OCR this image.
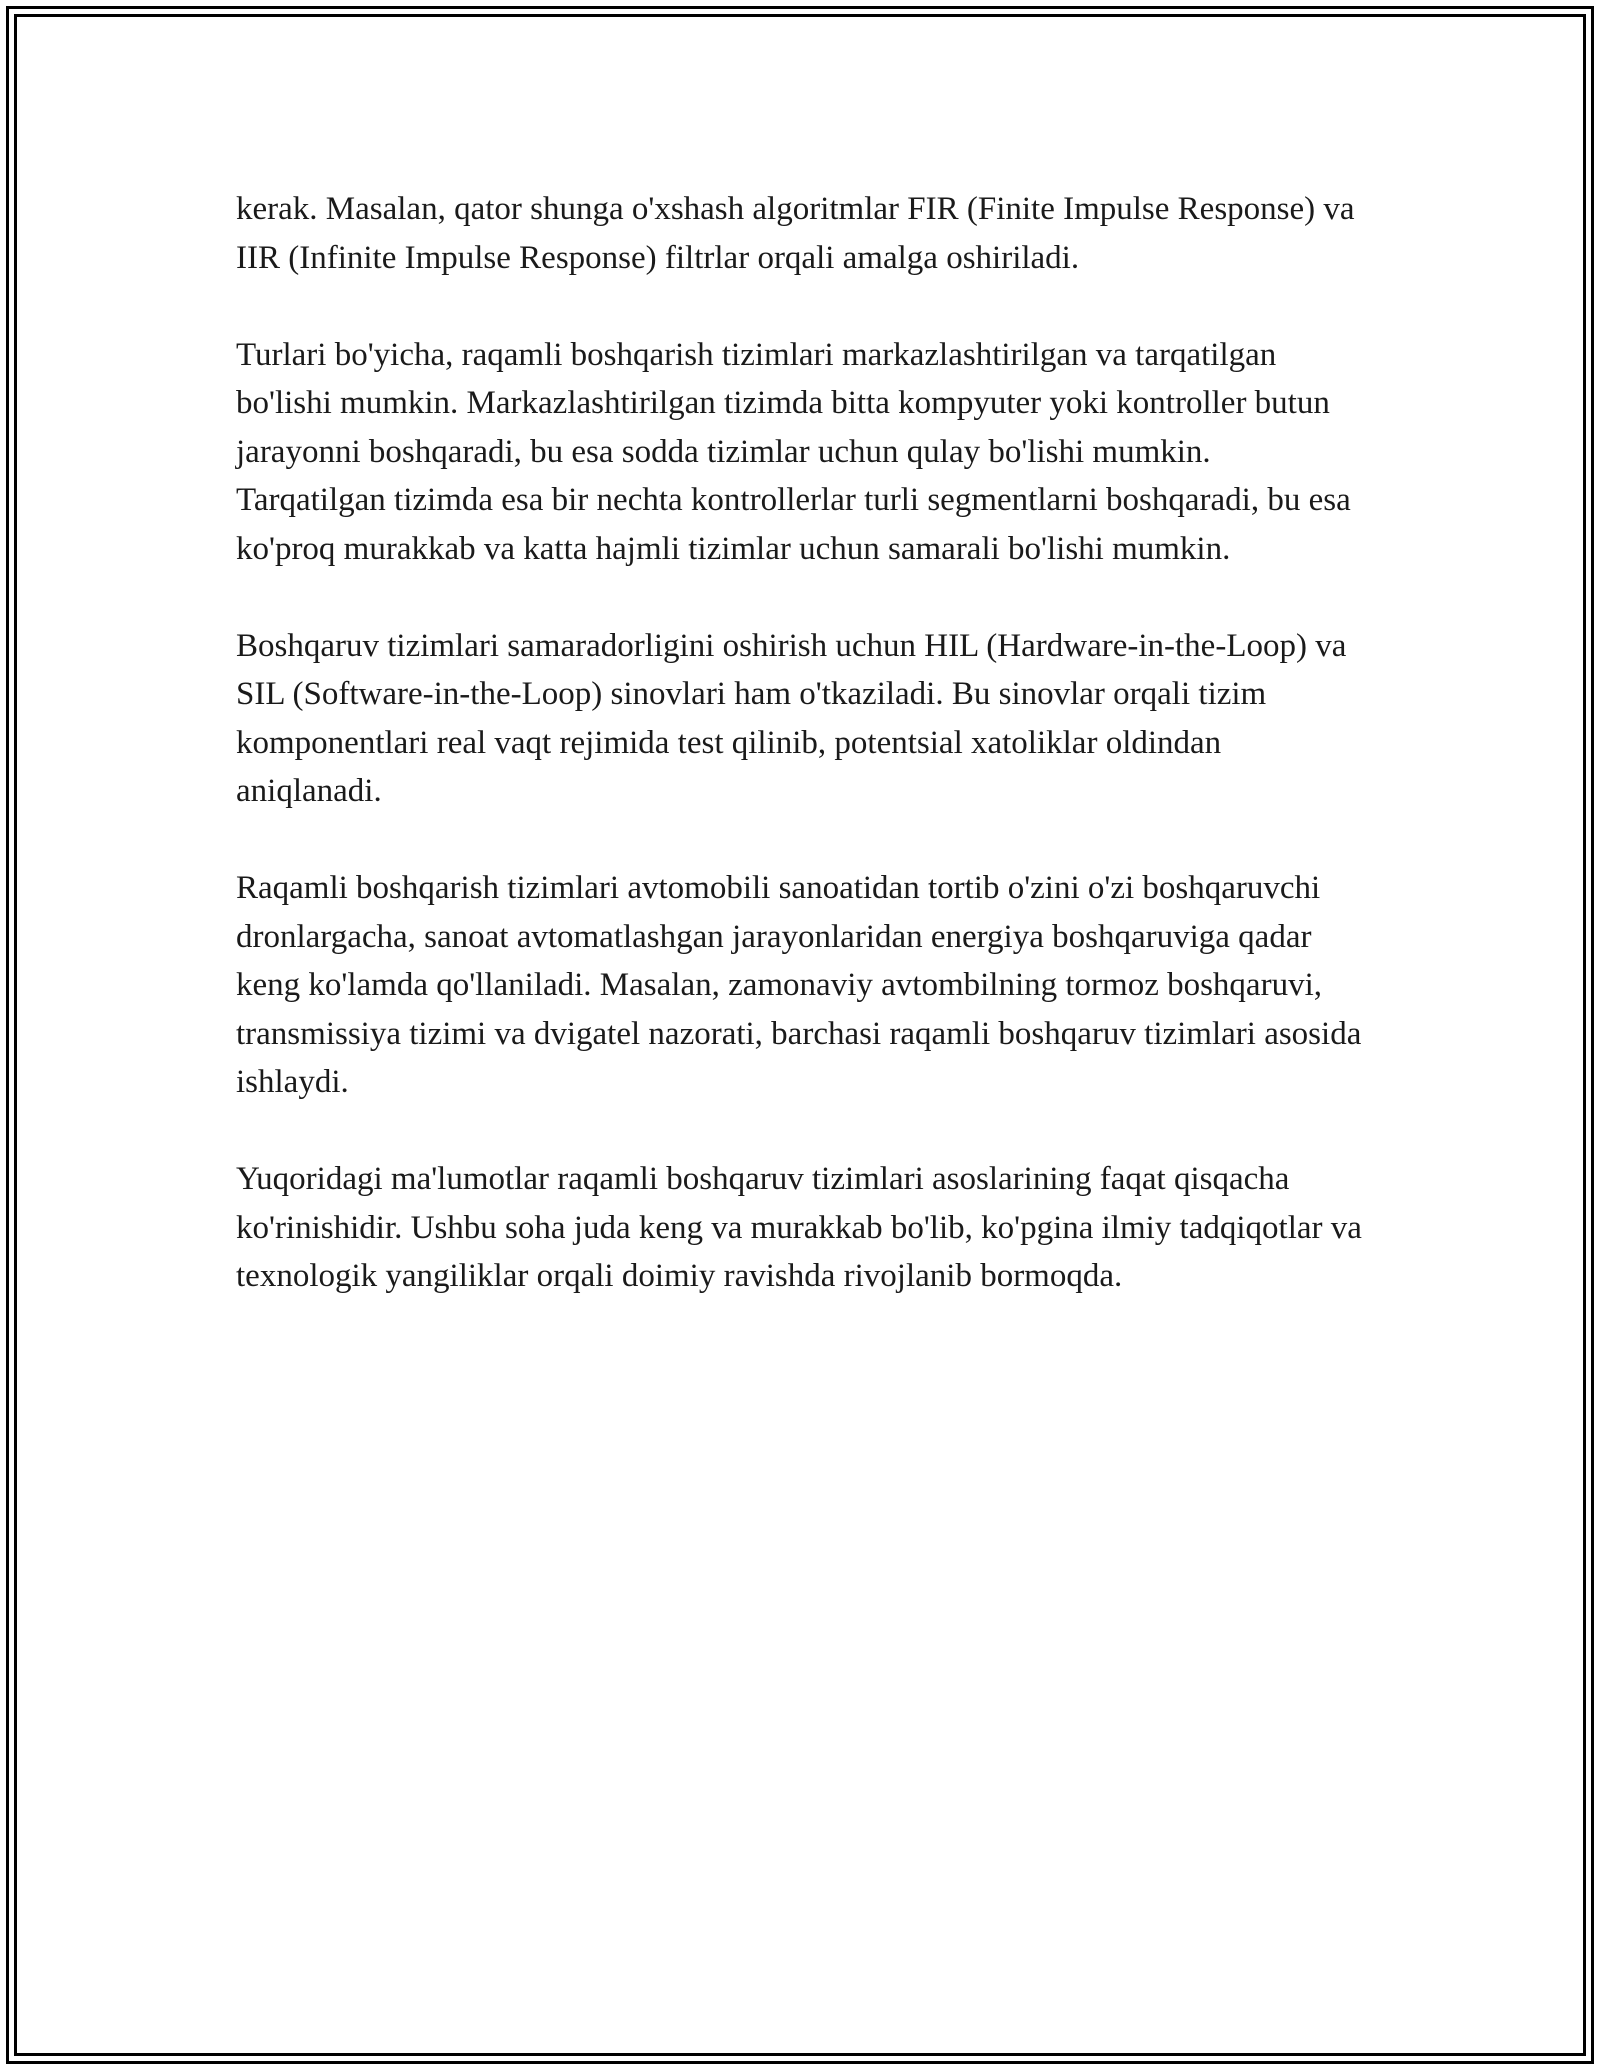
kerak. Masalan, qator shunga o'xshash algoritmlar FIR (Finite Impulse Response) va IIR (Infinite Impulse Response) filtrlar orqali amalga oshiriladi.

Turlari bo'yicha, raqamli boshqarish tizimlari markazlashtirilgan va tarqatilgan bo'lishi mumkin. Markazlashtirilgan tizimda bitta kompyuter yoki kontroller butun jarayonni boshqaradi, bu esa sodda tizimlar uchun qulay bo'lishi mumkin. Tarqatilgan tizimda esa bir nechta kontrollerlar turli segmentlarni boshqaradi, bu esa ko'proq murakkab va katta hajmli tizimlar uchun samarali bo'lishi mumkin.

Boshqaruv tizimlari samaradorligini oshirish uchun HIL (Hardware-in-the-Loop) va SIL (Software-in-the-Loop) sinovlari ham o'tkaziladi. Bu sinovlar orqali tizim komponentlari real vaqt rejimida test qilinib, potentsial xatoliklar oldindan aniqlanadi.

Raqamli boshqarish tizimlari avtomobili sanoatidan tortib o'zini o'zi boshqaruvchi dronlargacha, sanoat avtomatlashgan jarayonlaridan energiya boshqaruviga qadar keng ko'lamda qo'llaniladi. Masalan, zamonaviy avtombilning tormoz boshqaruvi, transmissiya tizimi va dvigatel nazorati, barchasi raqamli boshqaruv tizimlari asosida ishlaydi.

Yuqoridagi ma'lumotlar raqamli boshqaruv tizimlari asoslarining faqat qisqacha ko'rinishidir. Ushbu soha juda keng va murakkab bo'lib, ko'pgina ilmiy tadqiqotlar va texnologik yangiliklar orqali doimiy ravishda rivojlanib bormoqda.
